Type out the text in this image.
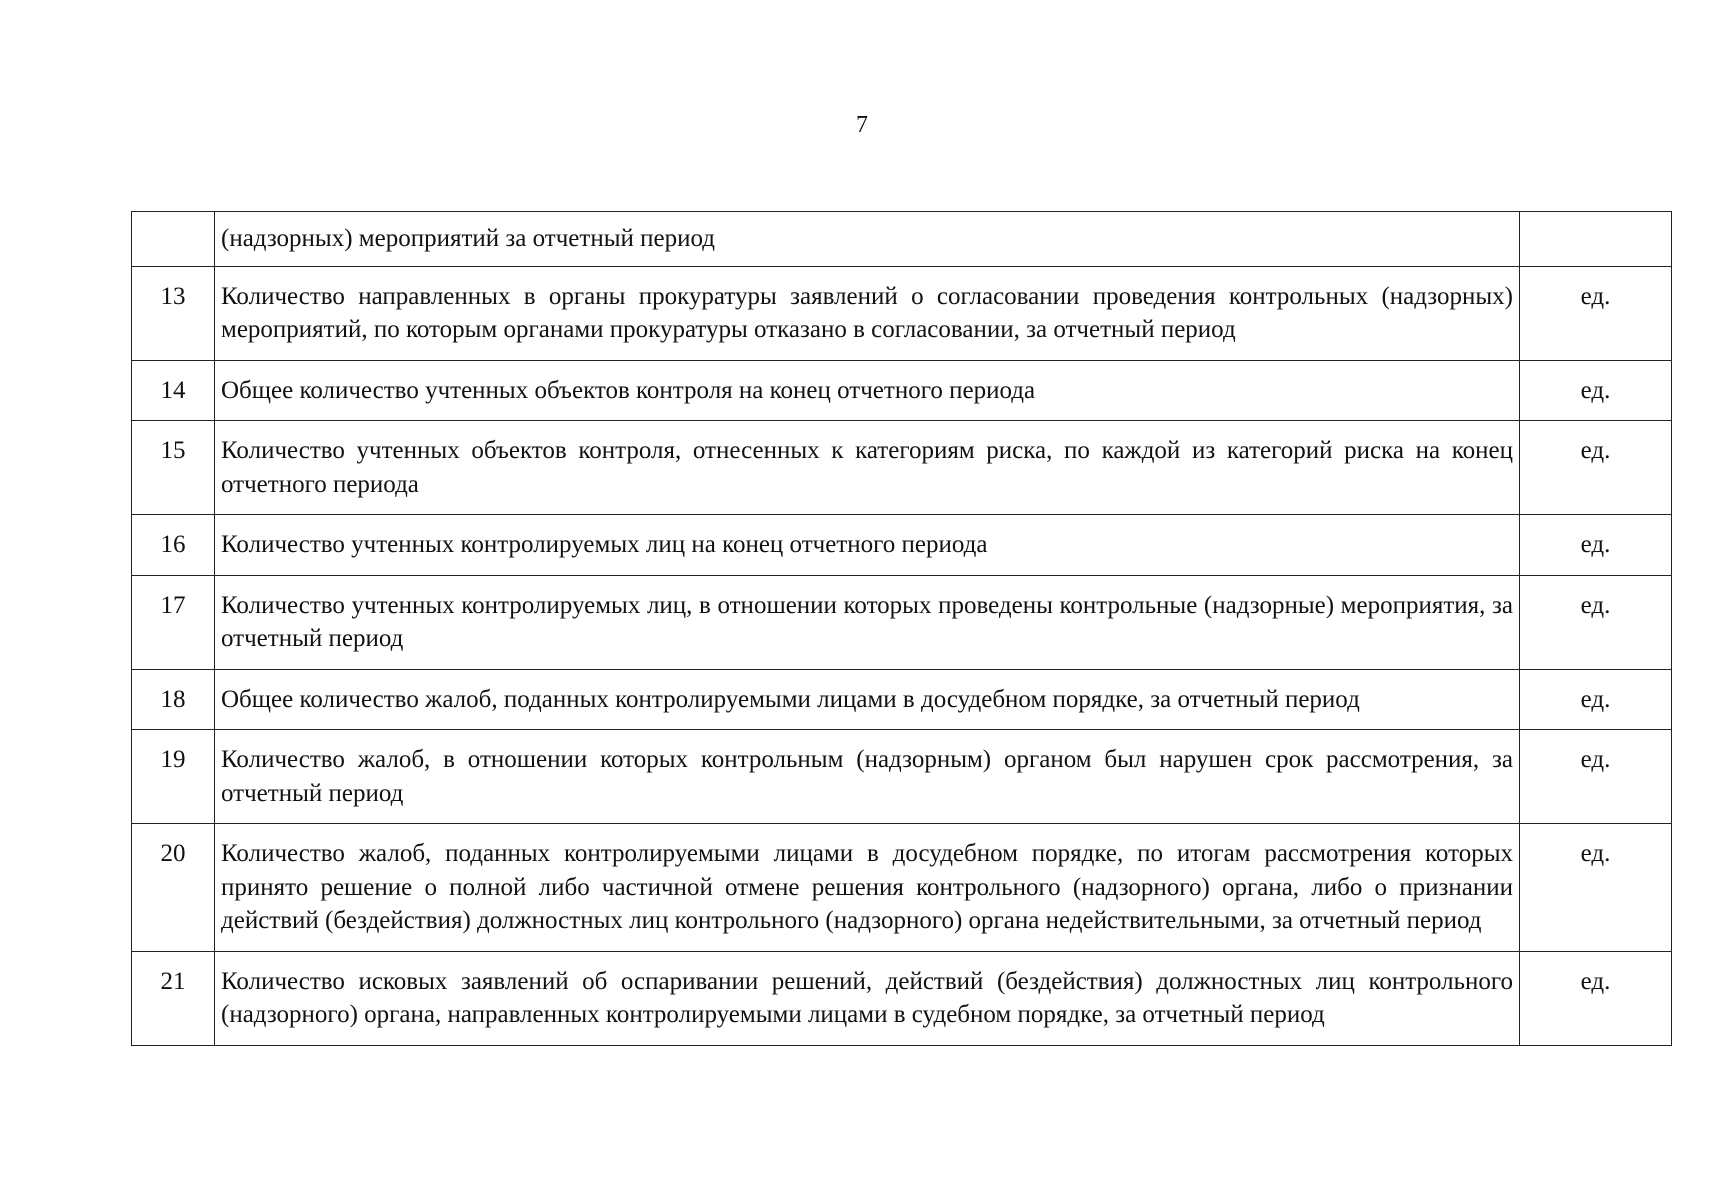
7
	(надзорных) мероприятий за отчетный период	
13	Количество направленных в органы прокуратуры заявлений о согласовании проведения контрольных (надзорных) мероприятий, по которым органами прокуратуры отказано в согласовании, за отчетный период	ед.
14	Общее количество учтенных объектов контроля на конец отчетного периода	ед.
15	Количество учтенных объектов контроля, отнесенных к категориям риска, по каждой из категорий риска на конец отчетного периода	ед.
16	Количество учтенных контролируемых лиц на конец отчетного периода	ед.
17	Количество учтенных контролируемых лиц, в отношении которых проведены контрольные (надзорные) мероприятия, за отчетный период	ед.
18	Общее количество жалоб, поданных контролируемыми лицами в досудебном порядке, за отчетный период	ед.
19	Количество жалоб, в отношении которых контрольным (надзорным) органом был нарушен срок рассмотрения, за отчетный период	ед.
20	Количество жалоб, поданных контролируемыми лицами в досудебном порядке, по итогам рассмотрения которых принято решение о полной либо частичной отмене решения контрольного (надзорного) органа, либо о признании действий (бездействия) должностных лиц контрольного (надзорного) органа недействительными, за отчетный период	ед.
21	Количество исковых заявлений об оспаривании решений, действий (бездействия) должностных лиц контрольного (надзорного) органа, направленных контролируемыми лицами в судебном порядке, за отчетный период	ед.
